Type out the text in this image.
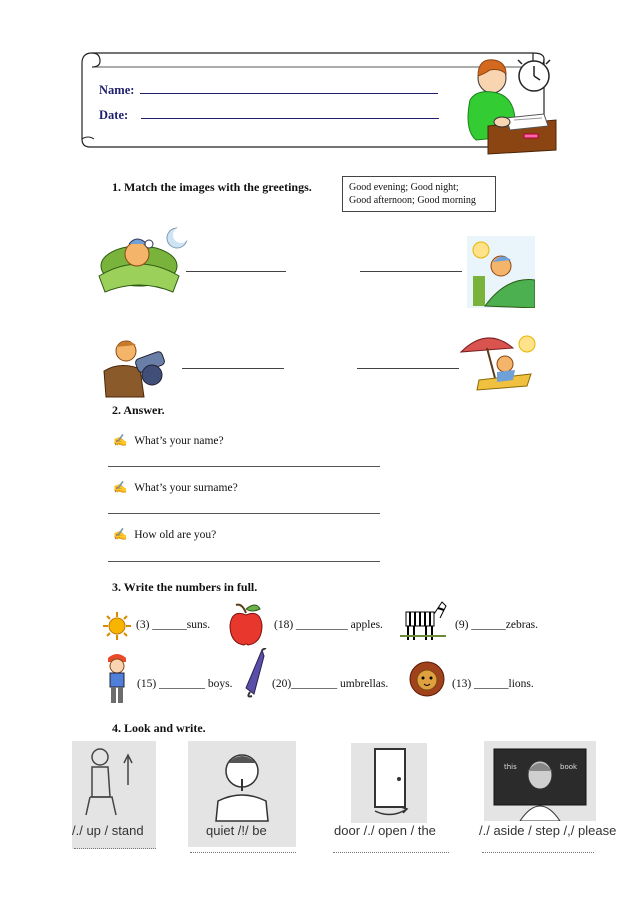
Name:
Date:
1. Match the images with the greetings.	Good evening; Good night;
Good afternoon; Good morning
2. Answer.
✍ What’s your name?
✍ What’s your surname?
✍ How old are you?
3. Write the numbers in full.
(3) ______suns.	(18) _________ apples.	(9) ______zebras.
(15) ________ boys.	(20)________ umbrellas.	(13) ______lions.
4. Look and write.
/./ up / stand	quiet /!/ be	door /./ open / the
this	book
/./ aside / step /,/ please
